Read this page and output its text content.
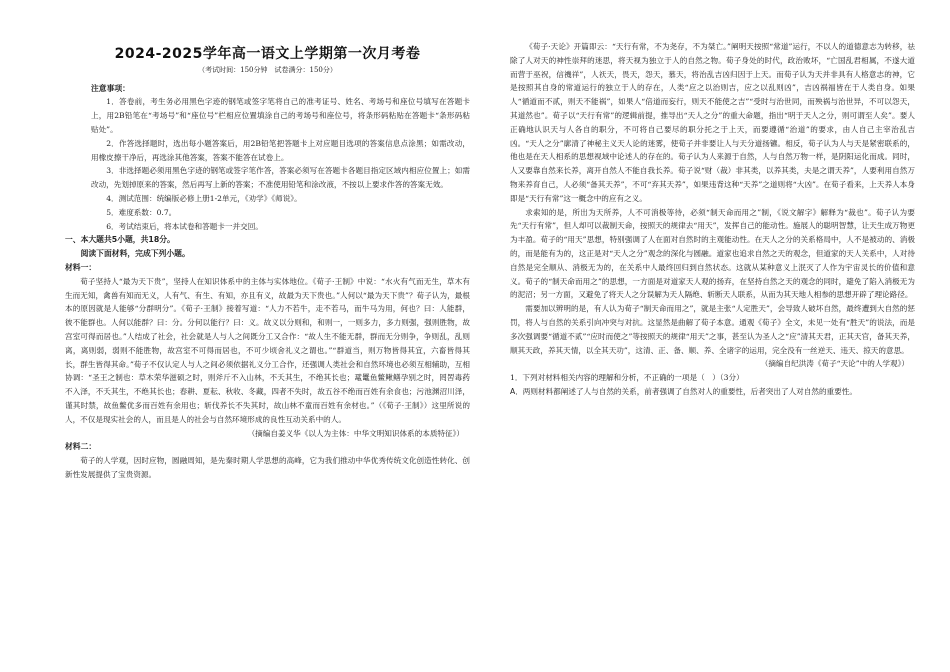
2024-2025学年高一语文上学期第一次月考卷
（考试时间：150分钟　试卷满分：150分）

注意事项：

1．答卷前，考生务必用黑色字迹的钢笔或签字笔将自己的准考证号、姓名、考场号和座位号填写在答题卡上，用2B铅笔在“考场号”和“座位号”栏相应位置填涂自己的考场号和座位号，将条形码粘贴在答题卡“条形码粘贴处”。

2．作答选择题时，选出每小题答案后，用2B铅笔把答题卡上对应题目选项的答案信息点涂黑；如需改动，用橡皮擦干净后，再选涂其他答案，答案不能答在试卷上。

3．非选择题必须用黑色字迹的钢笔或签字笔作答，答案必须写在答题卡各题目指定区域内相应位置上；如需改动，先划掉原来的答案，然后再写上新的答案；不准使用铅笔和涂改液，不按以上要求作答的答案无效。

4．测试范围：统编版必修上册1-2单元，《劝学》《师说》。

5．难度系数：0.7。

6．考试结束后，将本试卷和答题卡一并交回。

一、本大题共5小题，共18分。

阅读下面材料，完成下列小题。

材料一：

荀子坚持人“最为天下贵”，坚持人在知识体系中的主体与实体地位。《荀子·王制》中说：“水火有气而无生，草木有生而无知，禽兽有知而无义，人有气、有生、有知，亦且有义，故最为天下贵也。”人何以“最为天下贵”？荀子认为，最根本的原因就是人能够“分群明分”。《荀子·王制》接着写道：“人力不若牛，走不若马，而牛马为用，何也？曰：人能群，彼不能群也。人何以能群？曰：分。分何以能行？曰：义。故义以分则和，和则一，一则多力，多力则强，强则胜物，故宫室可得而居也。”人结成了社会，社会就是人与人之间既分工又合作：“故人生不能无群，群而无分则争，争则乱，乱则离，离则弱，弱则不能胜物，故宫室不可得而居也，不可少顷舍礼义之谓也。”“群道当，则万物皆得其宜，六畜皆得其长，群生皆得其命。”荀子不仅认定人与人之间必须依据礼义分工合作，还强调人类社会和自然环境也必须互相辅助，互相协调：“圣王之制也：草木荣华滋硕之时，则斧斤不入山林，不夭其生，不绝其长也；鼋鼍鱼鳖鳅鳝孕别之时，罔罟毒药不入泽，不夭其生，不绝其长也；春耕、夏耘、秋收、冬藏，四者不失时，故五谷不绝而百姓有余食也；污池渊沼川泽，谨其时禁，故鱼鳖优多而百姓有余用也；斩伐养长不失其时，故山林不童而百姓有余材也。”（《荀子·王制》）这里所说的人，不仅是现实社会的人，而且是人的社会与自然环境形成的良性互动关系中的人。

（摘编自姜义华《以人为主体：中华文明知识体系的本质特征》）

材料二：

荀子的人学观，因时应物，圆融周知，是先秦时期人学思想的高峰，它为我们推动中华优秀传统文化创造性转化、创新性发展提供了宝贵资源。

《荀子·天论》开篇即云：“天行有常，不为尧存，不为桀亡。”阐明天按照“常道”运行，不以人的道德意志为转移，祛除了人对天的神性崇拜的迷思，将天视为独立于人的自然之物。荀子身处的时代，政治败坏，“亡国乱君相属，不遂大道而营于巫祝，信禨祥”，人祆天，畏天，怨天，慕天，将治乱吉凶归因于上天。而荀子认为天并非具有人格意志的神，它是按照其自身的常道运行的独立于人的存在，人类“应之以治则吉，应之以乱则凶”，吉凶祸福皆在于人类自身。如果人“循道而不贰，则天不能祸”，如果人“倍道而妄行，则天不能使之吉”“受时与治世同，而殃祸与治世异，不可以怨天，其道然也”。荀子以“天行有常”的逻辑前提，推导出“天人之分”的重大命题，指出“明于天人之分，则可谓至人矣”。要人正确地认识天与人各自的职分，不可将自己要尽的职分托之于上天，而要遵循“治道”的要求，由人自己主宰治乱吉凶。“天人之分”廓清了神秘主义天人论的迷雾，使荀子并非要让人与天分道扬镳。相反，荀子认为人与天是紧密联系的，他也是在天人相系的思想视域中论述人的存在的。荀子认为人来源于自然，人与自然万物一样，是阴阳运化而成。同时，人又要靠自然来长养，离开自然人不能自我长养。荀子说“财（裁）非其类，以养其类，夫是之谓天养”，人要利用自然万物来养育自己，人必须“备其天养”，不可“弃其天养”，如果违背这种“天养”之道则将“大凶”。在荀子看来，上天养人本身即是“天行有常”这一概念中的应有之义。

求索知的是，所出为天所养，人不可消极等待，必须“制天命而用之”制，《说文解字》解释为“裁也”。荀子认为要先“天行有常”，但人却可以裁制天命，按照天的规律去“用天”，发挥自己的能动性。施展人的聪明智慧，让天生成万物更为丰盈。荀子的“用天”思想，特别强调了人在面对自然时的主观能动性。在天人之分的关系格局中，人不是被动的、消极的，而是能有为的，这正是对“天人之分”观念的深化与圆融。道家也追求自然之天的观念，但道家的天人关系中，人对待自然是完全顺从、消极无为的，在关系中人最终回归到自然状态。这就从某种意义上泯灭了人作为宇宙灵长的价值和意义。荀子的“制天命而用之”的思想，一方面是对道家天人观的扬弃，在坚持自然之天的观念的同时，避免了陷入消极无为的泥沼；另一方面，又避免了将天人之分误解为天人隔绝、斩断天人联系，从而为其天地人相参的思想开辟了理论路径。

需要加以辨明的是，有人认为荀子“制天命而用之”，就是主张“人定胜天”，会导致人破坏自然，最终遭到大自然的惩罚，将人与自然的关系引向冲突与对抗。这显然是曲解了荀子本意。通观《荀子》全文，未见一处有“胜天”的说法，而是多次强调要“循道不贰”“应时而使之”等按照天的规律“用天”之事，甚至认为圣人之“应”清其天君，正其天官，备其天养，顺其天政，养其天情，以全其天功”，这清、正、备、顺、养、全诸字的运用，完全没有一丝逆天、违天、掠天的意思。

（摘编自纪洪涛《荀子“天论”中的人学观》）

1．下列对材料相关内容的理解和分析，不正确的一项是（　）（3分）

A．两则材料都阐述了人与自然的关系，前者强调了自然对人的重要性，后者突出了人对自然的重要性。
